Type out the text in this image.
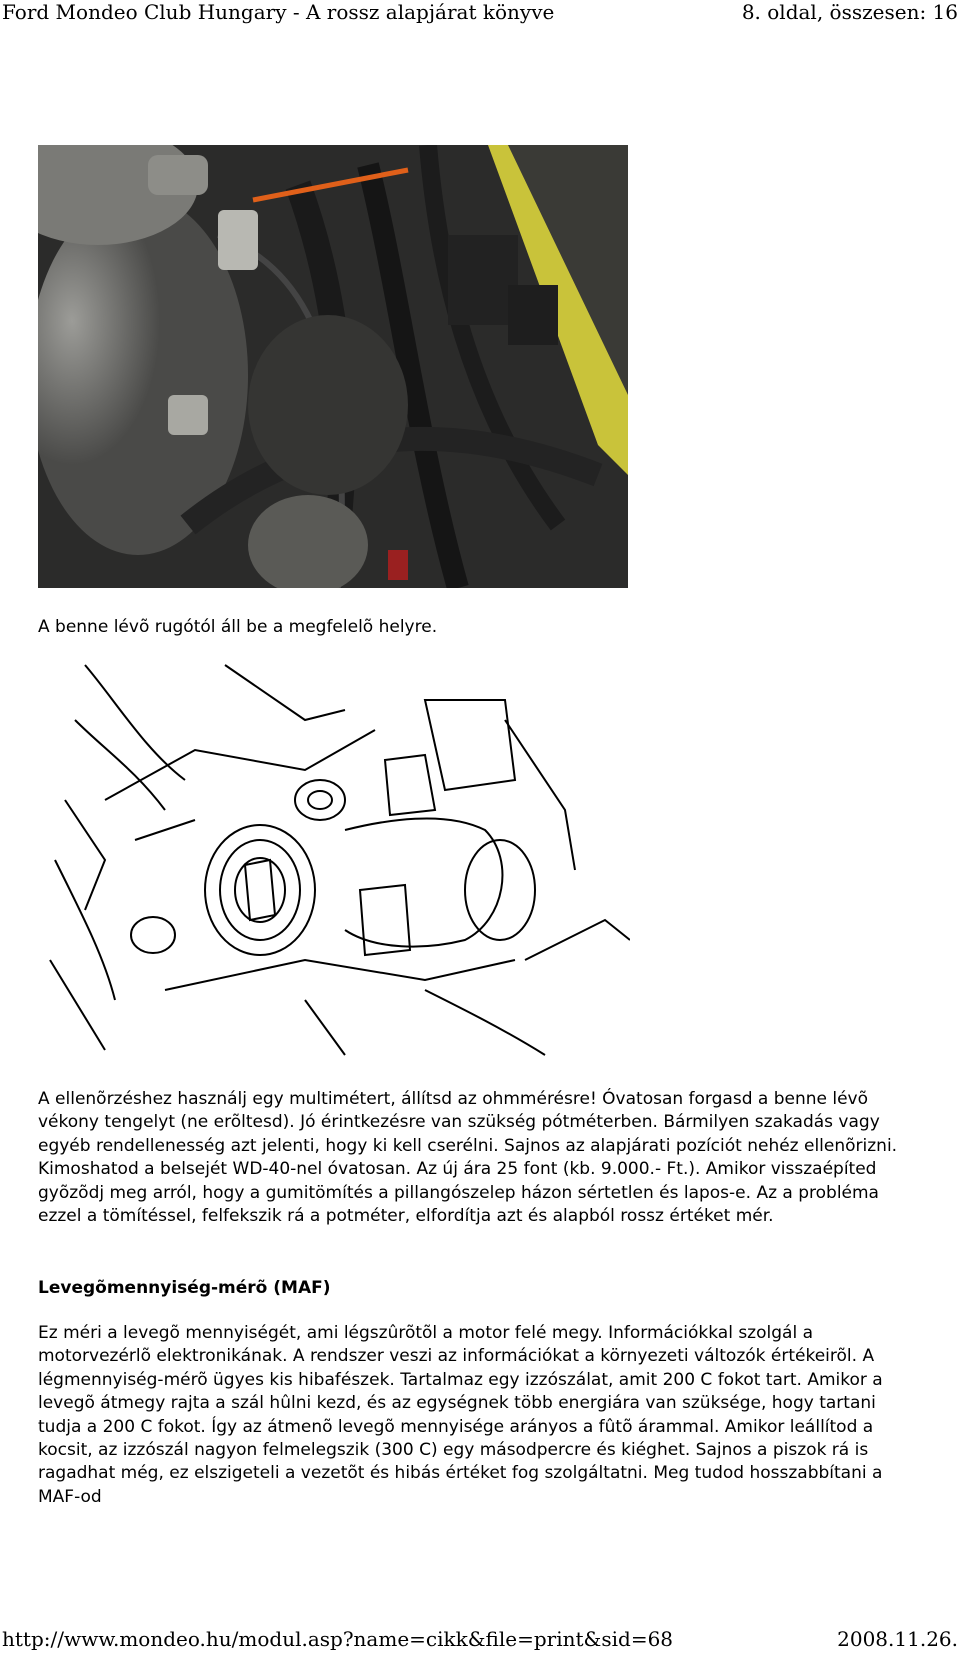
Ford Mondeo Club Hungary - A rossz alapjárat könyve	8. oldal, összesen: 16
A benne lévõ rugótól áll be a megfelelõ helyre.

A ellenõrzéshez használj egy multimétert, állítsd az ohmmérésre! Óvatosan forgasd a benne lévõ vékony tengelyt (ne erõltesd). Jó érintkezésre van szükség pótméterben. Bármilyen szakadás vagy egyéb rendellenesség azt jelenti, hogy ki kell cserélni. Sajnos az alapjárati pozíciót nehéz ellenõrizni. Kimoshatod a belsejét WD-40-nel óvatosan. Az új ára 25 font (kb. 9.000.- Ft.). Amikor visszaépíted gyõzõdj meg arról, hogy a gumitömítés a pillangószelep házon sértetlen és lapos-e. Az a probléma ezzel a tömítéssel, felfekszik rá a potméter, elfordítja azt és alapból rossz értéket mér.

Levegõmennyiség-mérõ (MAF)

Ez méri a levegõ mennyiségét, ami légszûrõtõl a motor felé megy. Információkkal szolgál a motorvezérlõ elektronikának. A rendszer veszi az információkat a környezeti változók értékeirõl. A légmennyiség-mérõ ügyes kis hibafészek. Tartalmaz egy izzószálat, amit 200 C fokot tart. Amikor a levegõ átmegy rajta a szál hûlni kezd, és az egységnek több energiára van szüksége, hogy tartani tudja a 200 C fokot. Így az átmenõ levegõ mennyisége arányos a fûtõ árammal. Amikor leállítod a kocsit, az izzószál nagyon felmelegszik (300 C) egy másodpercre és kiéghet. Sajnos a piszok rá is ragadhat még, ez elszigeteli a vezetõt és hibás értéket fog szolgáltatni. Meg tudod hosszabbítani a MAF-od

http://www.mondeo.hu/modul.asp?name=cikk&file=print&sid=68	2008.11.26.
